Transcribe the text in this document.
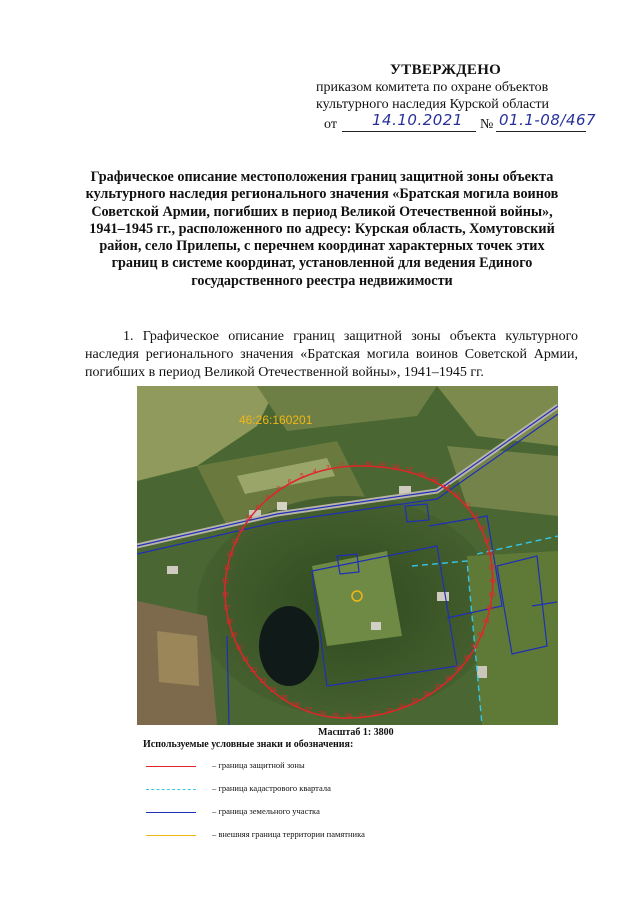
УТВЕРЖДЕНО
приказом комитета по охране объектов
культурного наследия Курской области
от 14.10.2021 № 01.1-08/467
Графическое описание местоположения границ защитной зоны объекта культурного наследия регионального значения «Братская могила воинов Советской Армии, погибших в период Великой Отечественной войны», 1941–1945 гг., расположенного по адресу: Курская область, Хомутовский район, село Прилепы, с перечнем координат характерных точек этих границ в системе координат, установленной для ведения Единого государственного реестра недвижимости
1. Графическое описание границ защитной зоны объекта культурного наследия регионального значения «Братская могила воинов Советской Армии, погибших в период Великой Отечественной войны», 1941–1945 гг.
46:26:160201
1
2
3
4
5
6
7
8
9
10
11
12
13
14
15
16
17
18
19
20
21
22
23
24
25
26
27
28 29 30 31 32 33
34
35
36
37
38
39
40
41
42
43
44
45
46
47
48
49
50
51
52
53
54
55
56
57
58
59
60
Масштаб 1: 3800
Используемые условные знаки и обозначения:
– граница защитной зоны
– граница кадастрового квартала
– граница земельного участка
– внешняя граница территории памятника
